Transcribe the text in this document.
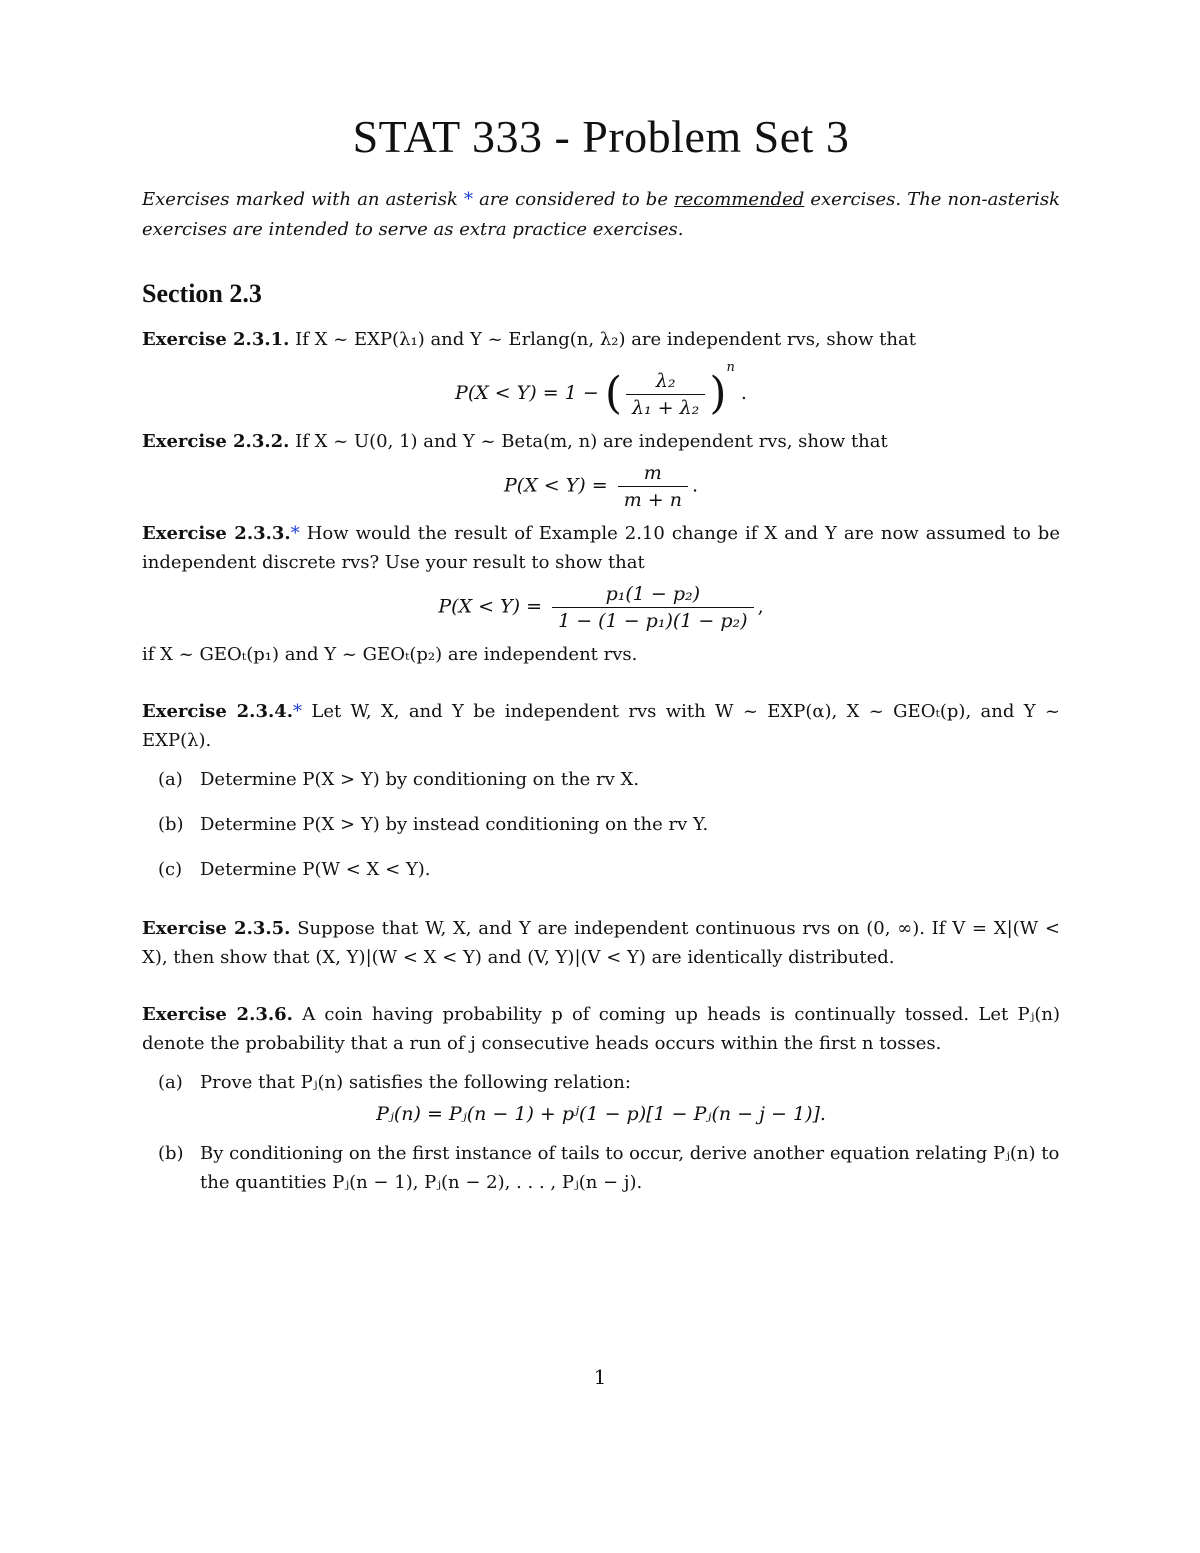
STAT 333 - Problem Set 3

Exercises marked with an asterisk * are considered to be recommended exercises. The non-asterisk exercises are intended to serve as extra practice exercises.

Section 2.3

Exercise 2.3.1. If X ~ EXP(λ₁) and Y ~ Erlang(n, λ₂) are independent rvs, show that

P(X < Y) = 1 − ( $\frac{\text{λ₂}}{\text{λ₁ + λ₂}} )^n$ .

Exercise 2.3.2. If X ~ U(0, 1) and Y ~ Beta(m, n) are independent rvs, show that

$P(X < Y) = \frac{m}{m + n}$ .

Exercise 2.3.3.* How would the result of Example 2.10 change if X and Y are now assumed to be independent discrete rvs? Use your result to show that

$P(X < Y) = \frac{\text{p₁(1 − p₂)}}{\text{1 − (1 − p₁)(1 − p₂)}}$ ,

if X ~ GEOₜ(p₁) and Y ~ GEOₜ(p₂) are independent rvs.

Exercise 2.3.4.* Let W, X, and Y be independent rvs with W ~ EXP(α), X ~ GEOₜ(p), and Y ~ EXP(λ).

(a) Determine P(X > Y) by conditioning on the rv X.
(b) Determine P(X > Y) by instead conditioning on the rv Y.
(c) Determine P(W < X < Y).

Exercise 2.3.5. Suppose that W, X, and Y are independent continuous rvs on (0, ∞). If V = X|(W < X), then show that (X, Y)|(W < X < Y) and (V, Y)|(V < Y) are identically distributed.

Exercise 2.3.6. A coin having probability p of coming up heads is continually tossed. Let Pⱼ(n) denote the probability that a run of j consecutive heads occurs within the first n tosses.

(a) Prove that Pⱼ(n) satisfies the following relation:
Pⱼ(n) = Pⱼ(n − 1) + pʲ(1 − p)[1 − Pⱼ(n − j − 1)].
(b) By conditioning on the first instance of tails to occur, derive another equation relating Pⱼ(n) to the quantities Pⱼ(n − 1), Pⱼ(n − 2), . . . , Pⱼ(n − j).
1
